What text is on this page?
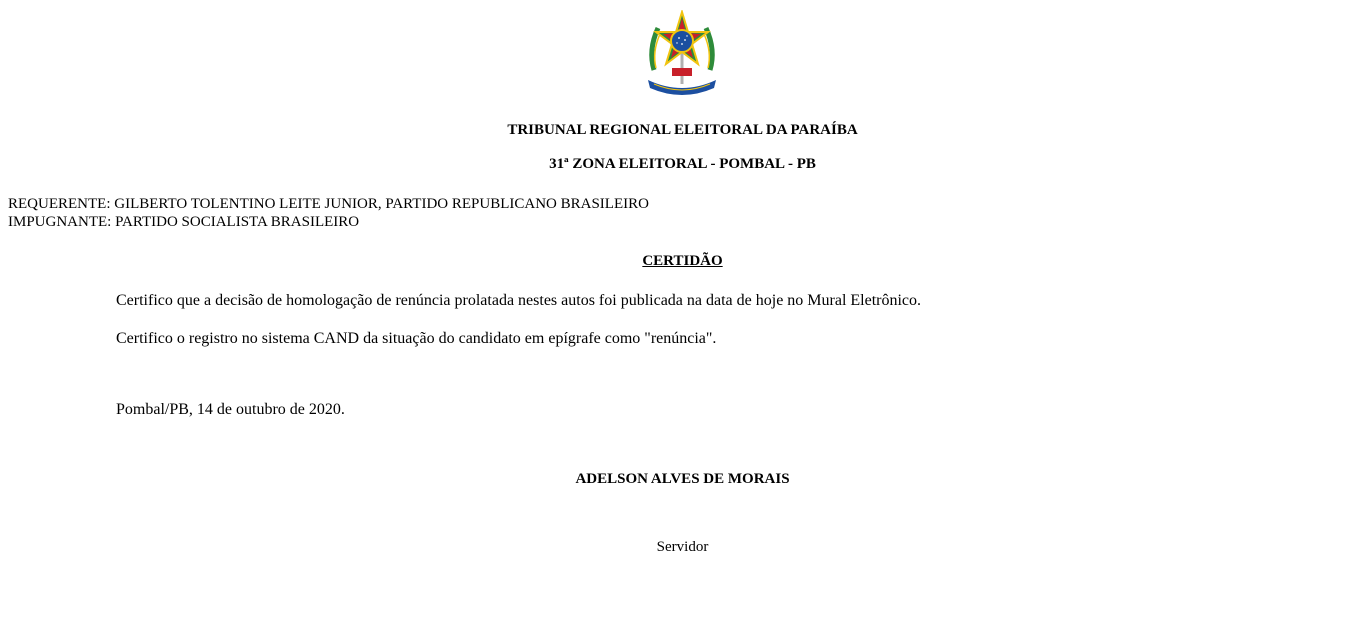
TRIBUNAL REGIONAL ELEITORAL DA PARAÍBA
31ª ZONA ELEITORAL - POMBAL - PB
REQUERENTE: GILBERTO TOLENTINO LEITE JUNIOR, PARTIDO REPUBLICANO BRASILEIRO
IMPUGNANTE: PARTIDO SOCIALISTA BRASILEIRO
CERTIDÃO
Certifico que a decisão de homologação de renúncia prolatada nestes autos foi publicada na data de hoje no Mural Eletrônico.
Certifico o registro no sistema CAND da situação do candidato em epígrafe como "renúncia".
Pombal/PB, 14 de outubro de 2020.
ADELSON ALVES DE MORAIS
Servidor
